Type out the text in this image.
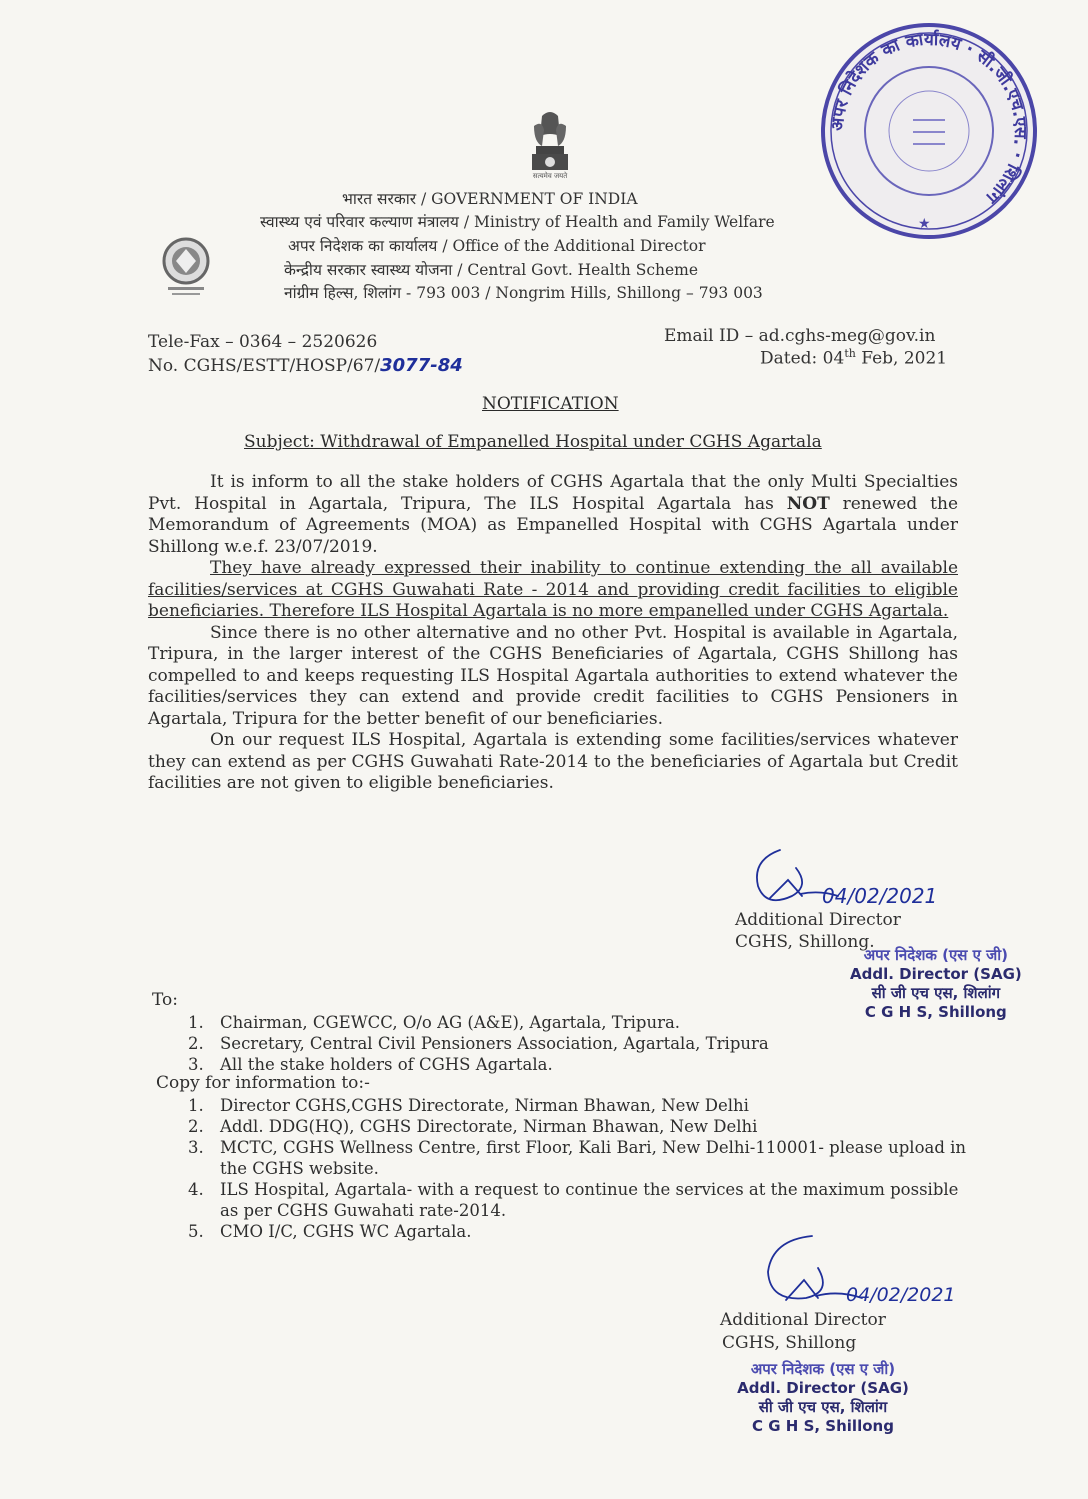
सत्यमेव जयते
भारत सरकार / GOVERNMENT OF INDIA
स्वास्थ्य एवं परिवार कल्याण मंत्रालय / Ministry of Health and Family Welfare
अपर निदेशक का कार्यालय / Office of the Additional Director
केन्द्रीय सरकार स्वास्थ्य योजना / Central Govt. Health Scheme
नांग्रीम हिल्स, शिलांग - 793 003 / Nongrim Hills, Shillong – 793 003
अपर निदेशक का कार्यालय · सी.जी.एच.एस. · शिलांग
★
Tele-Fax – 0364 – 2520626
No. CGHS/ESTT/HOSP/67/3077-84
Email ID – ad.cghs-meg@gov.in
Dated: 04th Feb, 2021
NOTIFICATION
Subject: Withdrawal of Empanelled Hospital under CGHS Agartala

It is inform to all the stake holders of CGHS Agartala that the only Multi Specialties Pvt. Hospital in Agartala, Tripura, The ILS Hospital Agartala has NOT renewed the Memorandum of Agreements (MOA) as Empanelled Hospital with CGHS Agartala under Shillong w.e.f. 23/07/2019.

They have already expressed their inability to continue extending the all available facilities/services at CGHS Guwahati Rate - 2014 and providing credit facilities to eligible beneficiaries. Therefore ILS Hospital Agartala is no more empanelled under CGHS Agartala.

Since there is no other alternative and no other Pvt. Hospital is available in Agartala, Tripura, in the larger interest of the CGHS Beneficiaries of Agartala, CGHS Shillong has compelled to and keeps requesting ILS Hospital Agartala authorities to extend whatever the facilities/services they can extend and provide credit facilities to CGHS Pensioners in Agartala, Tripura for the better benefit of our beneficiaries.

On our request ILS Hospital, Agartala is extending some facilities/services whatever they can extend as per CGHS Guwahati Rate-2014 to the beneficiaries of Agartala but Credit facilities are not given to eligible beneficiaries.

04/02/2021
Additional Director
CGHS, Shillong.
अपर निदेशक (एस ए जी)
Addl. Director (SAG)
सी जी एच एस, शिलांग
C G H S, Shillong
To:
1. Chairman, CGEWCC, O/o AG (A&E), Agartala, Tripura.
2. Secretary, Central Civil Pensioners Association, Agartala, Tripura
3. All the stake holders of CGHS Agartala.
Copy for information to:-
1. Director CGHS,CGHS Directorate, Nirman Bhawan, New Delhi
2. Addl. DDG(HQ), CGHS Directorate, Nirman Bhawan, New Delhi
3. MCTC, CGHS Wellness Centre, first Floor, Kali Bari, New Delhi-110001- please upload in the CGHS website.
4. ILS Hospital, Agartala- with a request to continue the services at the maximum possible as per CGHS Guwahati rate-2014.
5. CMO I/C, CGHS WC Agartala.
04/02/2021
Additional Director
CGHS, Shillong
अपर निदेशक (एस ए जी)
Addl. Director (SAG)
सी जी एच एस, शिलांग
C G H S, Shillong
